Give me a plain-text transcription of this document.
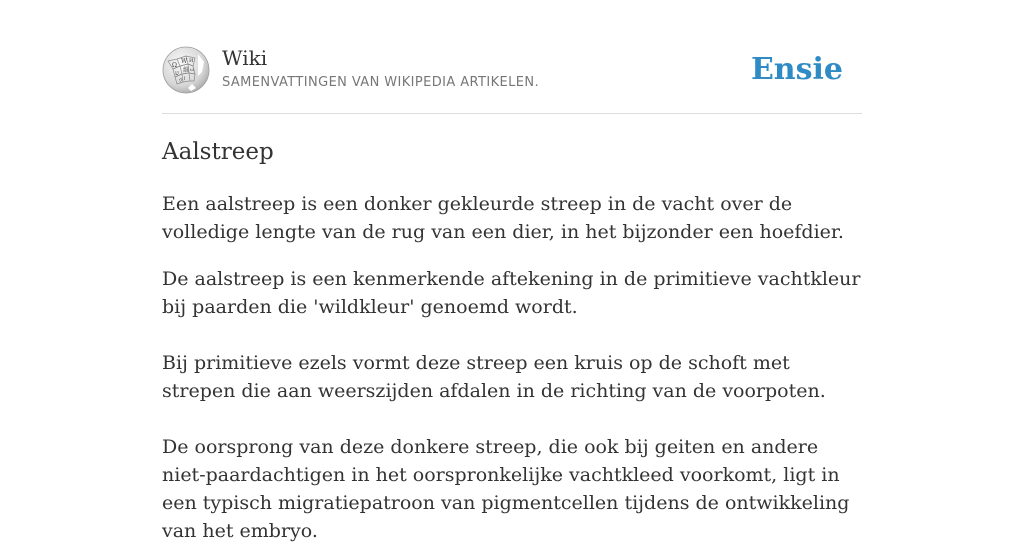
Ω
W И
ש 維 ω
ウ ا
Wiki
SAMENVATTINGEN VAN WIKIPEDIA ARTIKELEN.	Ensie
Aalstreep

Een aalstreep is een donker gekleurde streep in de vacht over de volledige lengte van de rug van een dier, in het bijzonder een hoefdier.

De aalstreep is een kenmerkende aftekening in de primitieve vachtkleur bij paarden die 'wildkleur' genoemd wordt.

Bij primitieve ezels vormt deze streep een kruis op de schoft met strepen die aan weerszijden afdalen in de richting van de voorpoten.

De oorsprong van deze donkere streep, die ook bij geiten en andere niet-paardachtigen in het oorspronkelijke vachtkleed voorkomt, ligt in een typisch migratiepatroon van pigmentcellen tijdens de ontwikkeling van het embryo.
